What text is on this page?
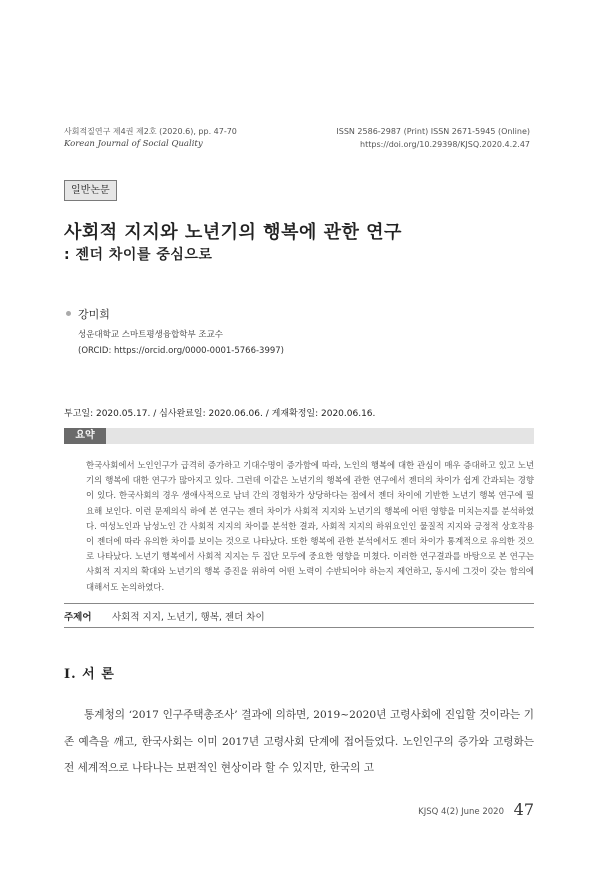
사회적질연구 제4권 제2호 (2020.6), pp. 47-70
Korean Journal of Social Quality
ISSN 2586-2987 (Print) ISSN 2671-5945 (Online)
https://doi.org/10.29398/KJSQ.2020.4.2.47
일반논문
사회적 지지와 노년기의 행복에 관한 연구
: 젠더 차이를 중심으로
강미희
성운대학교 스마트평생융합학부 조교수
(ORCID: https://orcid.org/0000-0001-5766-3997)
투고일: 2020.05.17. / 심사완료일: 2020.06.06. / 게재확정일: 2020.06.16.
요약
한국사회에서 노인인구가 급격히 증가하고 기대수명이 증가함에 따라, 노인의 행복에 대한 관심이 매우 증대하고 있고 노년기의 행복에 대한 연구가 많아지고 있다. 그런데 이같은 노년기의 행복에 관한 연구에서 젠더의 차이가 쉽게 간과되는 경향이 있다. 한국사회의 경우 생애사적으로 남녀 간의 경험차가 상당하다는 점에서 젠더 차이에 기반한 노년기 행복 연구에 필요해 보인다. 이런 문제의식 하에 본 연구는 젠더 차이가 사회적 지지와 노년기의 행복에 어떤 영향을 미치는지를 분석하였다. 여성노인과 남성노인 간 사회적 지지의 차이를 분석한 결과, 사회적 지지의 하위요인인 물질적 지지와 긍정적 상호작용이 젠더에 따라 유의한 차이를 보이는 것으로 나타났다. 또한 행복에 관한 분석에서도 젠더 차이가 통계적으로 유의한 것으로 나타났다. 노년기 행복에서 사회적 지지는 두 집단 모두에 중요한 영향을 미쳤다. 이러한 연구결과를 바탕으로 본 연구는 사회적 지지의 확대와 노년기의 행복 증진을 위하여 어떤 노력이 수반되어야 하는지 제언하고, 동시에 그것이 갖는 함의에 대해서도 논의하였다.
주제어 사회적 지지, 노년기, 행복, 젠더 차이
Ⅰ. 서 론

통계청의 ‘2017 인구주택총조사’ 결과에 의하면, 2019~2020년 고령사회에 진입할 것이라는 기존 예측을 깨고, 한국사회는 이미 2017년 고령사회 단계에 접어들었다. 노인인구의 증가와 고령화는 전 세계적으로 나타나는 보편적인 현상이라 할 수 있지만, 한국의 고

KJSQ 4(2) June 2020 47
